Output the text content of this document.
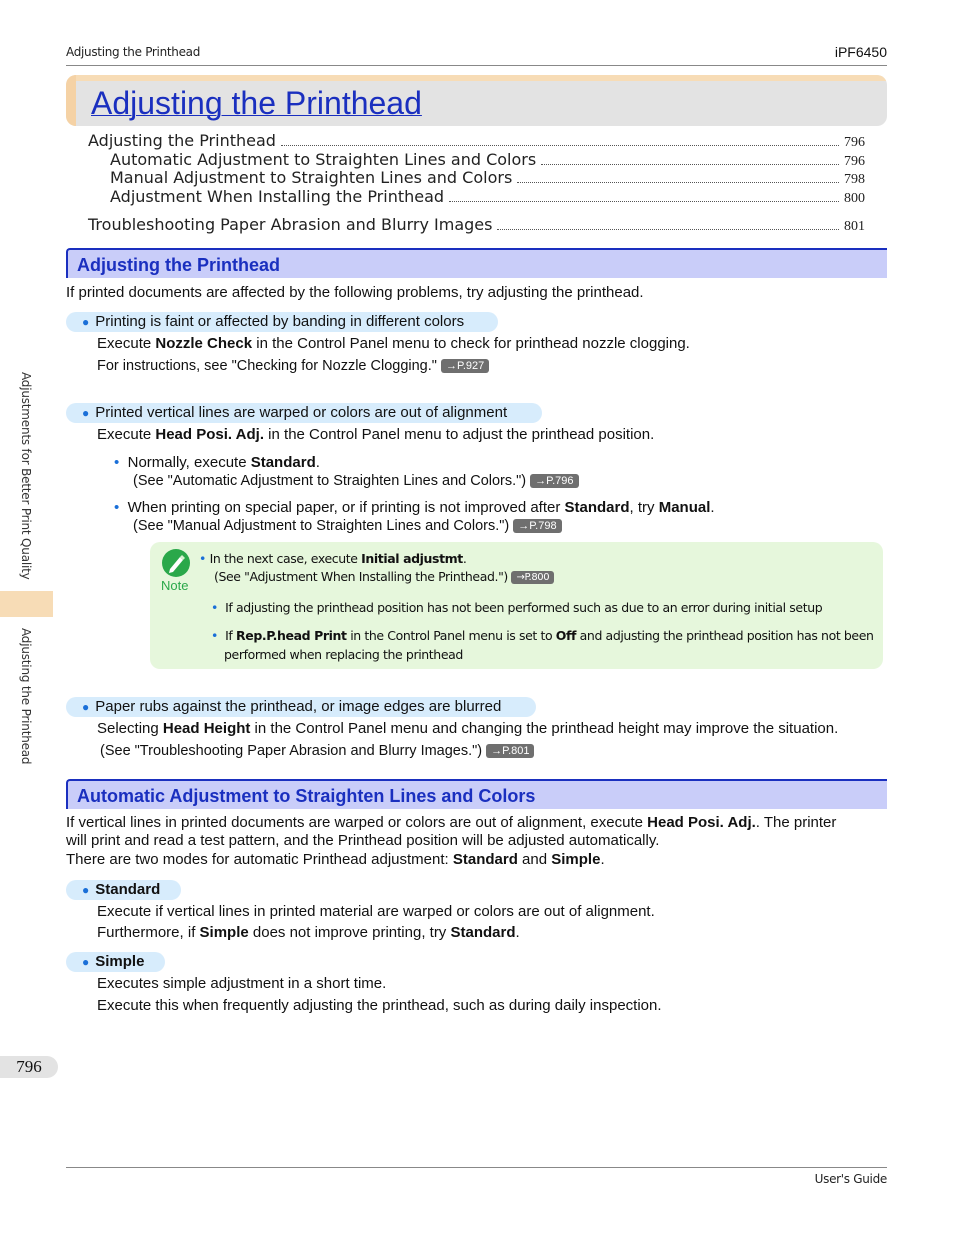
Adjusting the Printhead	iPF6450
Adjusting the Printhead
Adjusting the Printhead	796
Automatic Adjustment to Straighten Lines and Colors	796
Manual Adjustment to Straighten Lines and Colors	798
Adjustment When Installing the Printhead	800
Troubleshooting Paper Abrasion and Blurry Images	801
Adjusting the Printhead
If printed documents are affected by the following problems, try adjusting the printhead.
● Printing is faint or affected by banding in different colors
Execute Nozzle Check in the Control Panel menu to check for printhead nozzle clogging.
For instructions, see "Checking for Nozzle Clogging." →P.927
● Printed vertical lines are warped or colors are out of alignment
Execute Head Posi. Adj. in the Control Panel menu to adjust the printhead position.
• Normally, execute Standard.
(See "Automatic Adjustment to Straighten Lines and Colors.") →P.796
• When printing on special paper, or if printing is not improved after Standard, try Manual.
(See "Manual Adjustment to Straighten Lines and Colors.") →P.798
Note
• In the next case, execute Initial adjustmt.
(See "Adjustment When Installing the Printhead.") →P.800
• If adjusting the printhead position has not been performed such as due to an error during initial setup
• If Rep.P.head Print in the Control Panel menu is set to Off and adjusting the printhead position has not been
performed when replacing the printhead
● Paper rubs against the printhead, or image edges are blurred
Selecting Head Height in the Control Panel menu and changing the printhead height may improve the situation.
(See "Troubleshooting Paper Abrasion and Blurry Images.") →P.801
Automatic Adjustment to Straighten Lines and Colors
If vertical lines in printed documents are warped or colors are out of alignment, execute Head Posi. Adj.. The printer
will print and read a test pattern, and the Printhead position will be adjusted automatically.
There are two modes for automatic Printhead adjustment: Standard and Simple.
● Standard
Execute if vertical lines in printed material are warped or colors are out of alignment.
Furthermore, if Simple does not improve printing, try Standard.
● Simple
Executes simple adjustment in a short time.
Execute this when frequently adjusting the printhead, such as during daily inspection.
Adjustments for Better Print Quality
Adjusting the Printhead
796
User's Guide
